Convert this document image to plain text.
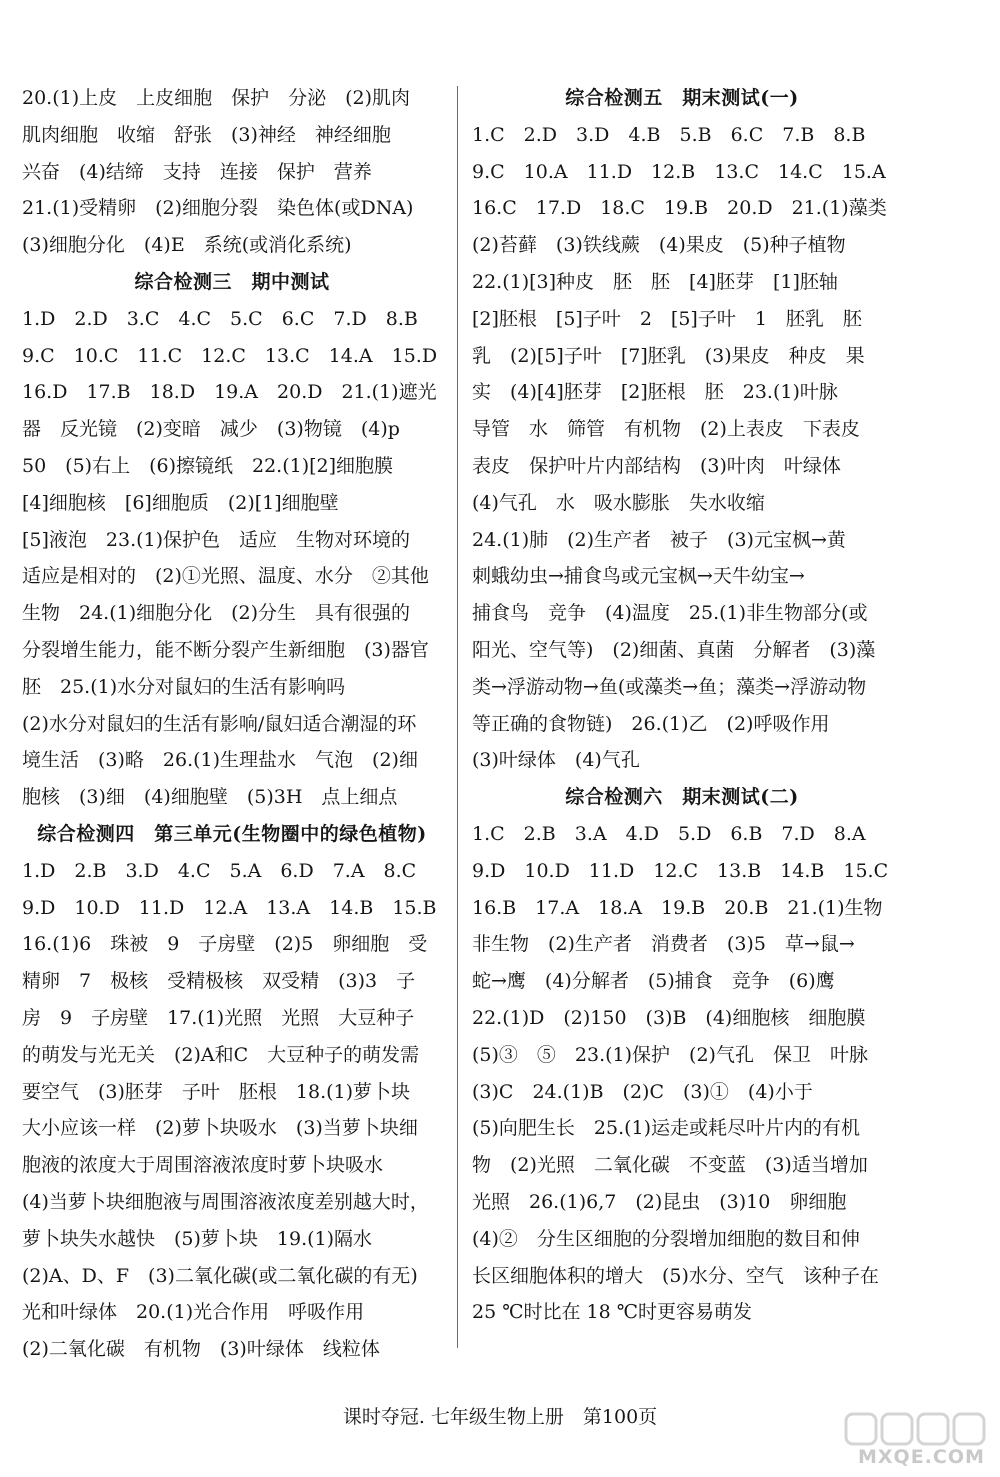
20.(1)上皮　上皮细胞　保护　分泌　(2)肌肉
肌肉细胞　收缩　舒张　(3)神经　神经细胞
兴奋　(4)结缔　支持　连接　保护　营养
21.(1)受精卵　(2)细胞分裂　染色体(或DNA)
(3)细胞分化　(4)E　系统(或消化系统)
综合检测三　期中测试
1.D　2.D　3.C　4.C　5.C　6.C　7.D　8.B
9.C　10.C　11.C　12.C　13.C　14.A　15.D
16.D　17.B　18.D　19.A　20.D　21.(1)遮光
器　反光镜　(2)变暗　减少　(3)物镜　(4)p
50　(5)右上　(6)擦镜纸　22.(1)[2]细胞膜
[4]细胞核　[6]细胞质　(2)[1]细胞壁
[5]液泡　23.(1)保护色　适应　生物对环境的
适应是相对的　(2)①光照、温度、水分　②其他
生物　24.(1)细胞分化　(2)分生　具有很强的
分裂增生能力，能不断分裂产生新细胞　(3)器官
胚　25.(1)水分对鼠妇的生活有影响吗
(2)水分对鼠妇的生活有影响/鼠妇适合潮湿的环
境生活　(3)略　26.(1)生理盐水　气泡　(2)细
胞核　(3)细　(4)细胞壁　(5)3H　点上细点
综合检测四　第三单元(生物圈中的绿色植物)
1.D　2.B　3.D　4.C　5.A　6.D　7.A　8.C
9.D　10.D　11.D　12.A　13.A　14.B　15.B
16.(1)6　珠被　9　子房壁　(2)5　卵细胞　受
精卵　7　极核　受精极核　双受精　(3)3　子
房　9　子房壁　17.(1)光照　光照　大豆种子
的萌发与光无关　(2)A和C　大豆种子的萌发需
要空气　(3)胚芽　子叶　胚根　18.(1)萝卜块
大小应该一样　(2)萝卜块吸水　(3)当萝卜块细
胞液的浓度大于周围溶液浓度时萝卜块吸水
(4)当萝卜块细胞液与周围溶液浓度差别越大时，
萝卜块失水越快　(5)萝卜块　19.(1)隔水
(2)A、D、F　(3)二氧化碳(或二氧化碳的有无)
光和叶绿体　20.(1)光合作用　呼吸作用
(2)二氧化碳　有机物　(3)叶绿体　线粒体
综合检测五　期末测试(一)
1.C　2.D　3.D　4.B　5.B　6.C　7.B　8.B
9.C　10.A　11.D　12.B　13.C　14.C　15.A
16.C　17.D　18.C　19.B　20.D　21.(1)藻类
(2)苔藓　(3)铁线蕨　(4)果皮　(5)种子植物
22.(1)[3]种皮　胚　胚　[4]胚芽　[1]胚轴
[2]胚根　[5]子叶　2　[5]子叶　1　胚乳　胚
乳　(2)[5]子叶　[7]胚乳　(3)果皮　种皮　果
实　(4)[4]胚芽　[2]胚根　胚　23.(1)叶脉
导管　水　筛管　有机物　(2)上表皮　下表皮
表皮　保护叶片内部结构　(3)叶肉　叶绿体
(4)气孔　水　吸水膨胀　失水收缩
24.(1)肺　(2)生产者　被子　(3)元宝枫→黄
刺蛾幼虫→捕食鸟或元宝枫→天牛幼宝→
捕食鸟　竞争　(4)温度　25.(1)非生物部分(或
阳光、空气等)　(2)细菌、真菌　分解者　(3)藻
类→浮游动物→鱼(或藻类→鱼；藻类→浮游动物
等正确的食物链)　26.(1)乙　(2)呼吸作用
(3)叶绿体　(4)气孔
综合检测六　期末测试(二)
1.C　2.B　3.A　4.D　5.D　6.B　7.D　8.A
9.D　10.D　11.D　12.C　13.B　14.B　15.C
16.B　17.A　18.A　19.B　20.B　21.(1)生物
非生物　(2)生产者　消费者　(3)5　草→鼠→
蛇→鹰　(4)分解者　(5)捕食　竞争　(6)鹰
22.(1)D　(2)150　(3)B　(4)细胞核　细胞膜
(5)③　⑤　23.(1)保护　(2)气孔　保卫　叶脉
(3)C　24.(1)B　(2)C　(3)①　(4)小于
(5)向肥生长　25.(1)运走或耗尽叶片内的有机
物　(2)光照　二氧化碳　不变蓝　(3)适当增加
光照　26.(1)6,7　(2)昆虫　(3)10　卵细胞
(4)②　分生区细胞的分裂增加细胞的数目和伸
长区细胞体积的增大　(5)水分、空气　该种子在
25 ℃时比在 18 ℃时更容易萌发
课时夺冠. 七年级生物上册　第100页
MXQE.COM
